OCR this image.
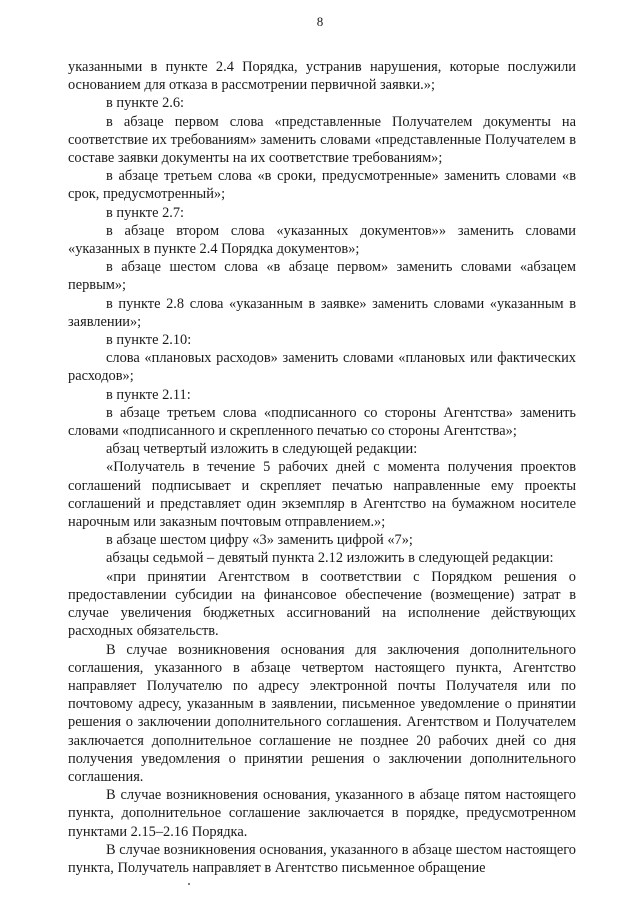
8

указанными в пункте 2.4 Порядка, устранив нарушения, которые послужили основанием для отказа в рассмотрении первичной заявки.»;

в пункте 2.6:

в абзаце первом слова «представленные Получателем документы на соответствие их требованиям» заменить словами «представленные Получателем в составе заявки документы на их соответствие требованиям»;

в абзаце третьем слова «в сроки, предусмотренные» заменить словами «в срок, предусмотренный»;

в пункте 2.7:

в абзаце втором слова «указанных документов»» заменить словами «указанных в пункте 2.4 Порядка документов»;

в абзаце шестом слова «в абзаце первом» заменить словами «абзацем первым»;

в пункте 2.8 слова «указанным в заявке» заменить словами «указанным в заявлении»;

в пункте 2.10:

слова «плановых расходов» заменить словами «плановых или фактических расходов»;

в пункте 2.11:

в абзаце третьем слова «подписанного со стороны Агентства» заменить словами «подписанного и скрепленного печатью со стороны Агентства»;

абзац четвертый изложить в следующей редакции:

«Получатель в течение 5 рабочих дней с момента получения проектов соглашений подписывает и скрепляет печатью направленные ему проекты соглашений и представляет один экземпляр в Агентство на бумажном носителе нарочным или заказным почтовым отправлением.»;

в абзаце шестом цифру «3» заменить цифрой «7»;

абзацы седьмой – девятый пункта 2.12 изложить в следующей редакции:

«при принятии Агентством в соответствии с Порядком решения о предоставлении субсидии на финансовое обеспечение (возмещение) затрат в случае увеличения бюджетных ассигнований на исполнение действующих расходных обязательств.

В случае возникновения основания для заключения дополнительного соглашения, указанного в абзаце четвертом настоящего пункта, Агентство направляет Получателю по адресу электронной почты Получателя или по почтовому адресу, указанным в заявлении, письменное уведомление о принятии решения о заключении дополнительного соглашения. Агентством и Получателем заключается дополнительное соглашение не позднее 20 рабочих дней со дня получения уведомления о принятии решения о заключении дополнительного соглашения.

В случае возникновения основания, указанного в абзаце пятом настоящего пункта, дополнительное соглашение заключается в порядке, предусмотренном пунктами 2.15–2.16 Порядка.

В случае возникновения основания, указанного в абзаце шестом настоящего пункта, Получатель направляет в Агентство письменное обращение
